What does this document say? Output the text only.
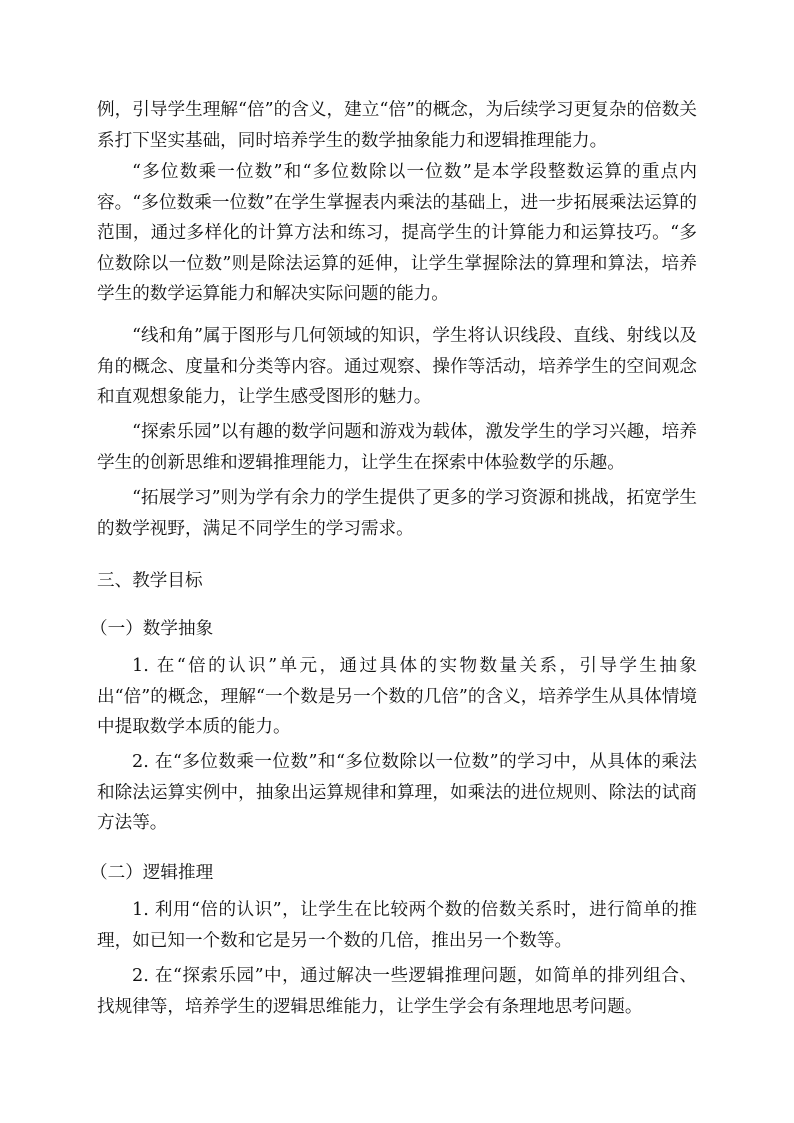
例，引导学生理解“倍”的含义，建立“倍”的概念，为后续学习更复杂的倍数关系打下坚实基础，同时培养学生的数学抽象能力和逻辑推理能力。

“多位数乘一位数”和“多位数除以一位数”是本学段整数运算的重点内容。“多位数乘一位数”在学生掌握表内乘法的基础上，进一步拓展乘法运算的范围，通过多样化的计算方法和练习，提高学生的计算能力和运算技巧。“多位数除以一位数”则是除法运算的延伸，让学生掌握除法的算理和算法，培养学生的数学运算能力和解决实际问题的能力。

“线和角”属于图形与几何领域的知识，学生将认识线段、直线、射线以及角的概念、度量和分类等内容。通过观察、操作等活动，培养学生的空间观念和直观想象能力，让学生感受图形的魅力。

“探索乐园”以有趣的数学问题和游戏为载体，激发学生的学习兴趣，培养学生的创新思维和逻辑推理能力，让学生在探索中体验数学的乐趣。

“拓展学习”则为学有余力的学生提供了更多的学习资源和挑战，拓宽学生的数学视野，满足不同学生的学习需求。

三、教学目标
（一）数学抽象

1. 在“倍的认识”单元，通过具体的实物数量关系，引导学生抽象出“倍”的概念，理解“一个数是另一个数的几倍”的含义，培养学生从具体情境中提取数学本质的能力。

2. 在“多位数乘一位数”和“多位数除以一位数”的学习中，从具体的乘法和除法运算实例中，抽象出运算规律和算理，如乘法的进位规则、除法的试商方法等。

（二）逻辑推理

1. 利用“倍的认识”，让学生在比较两个数的倍数关系时，进行简单的推理，如已知一个数和它是另一个数的几倍，推出另一个数等。

2. 在“探索乐园”中，通过解决一些逻辑推理问题，如简单的排列组合、找规律等，培养学生的逻辑思维能力，让学生学会有条理地思考问题。
